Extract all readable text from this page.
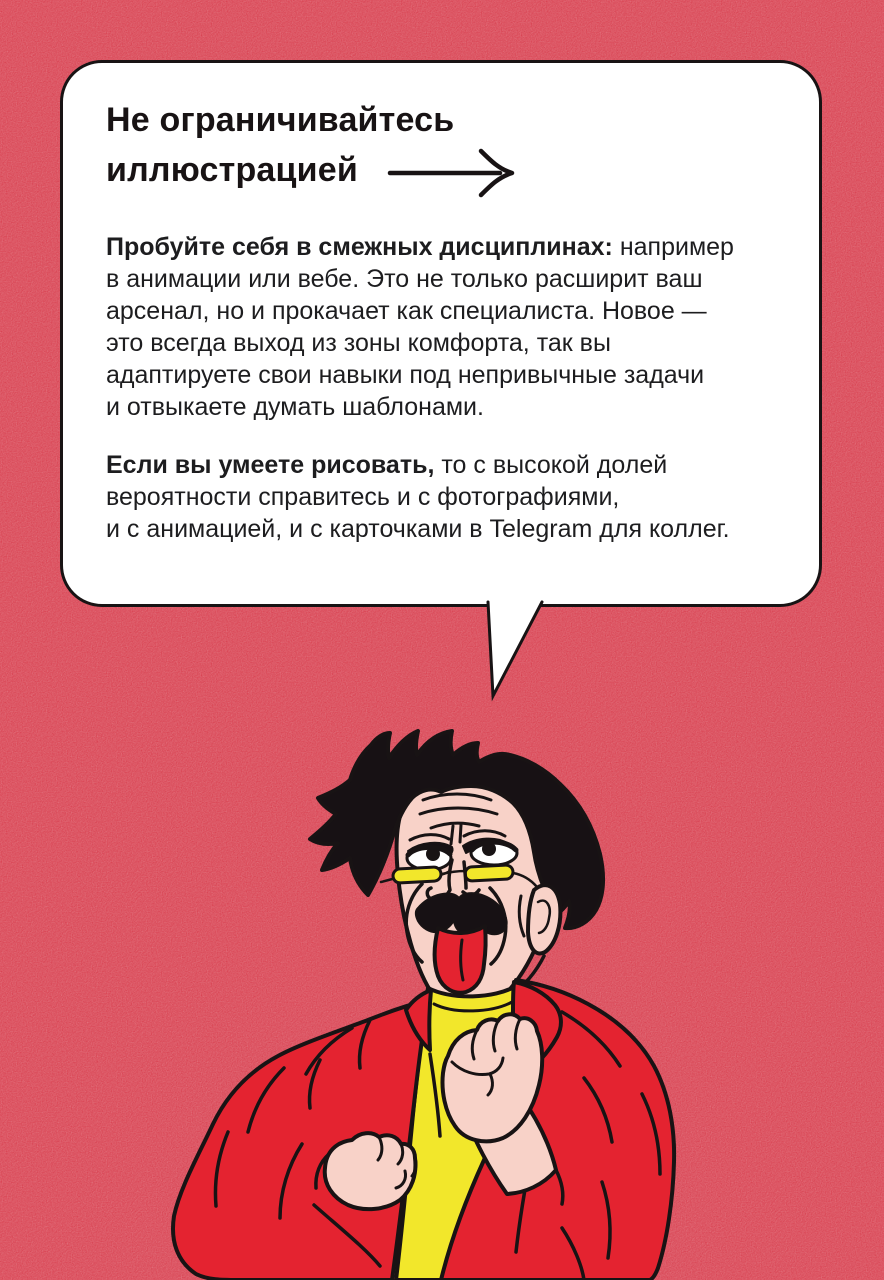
Не ограничивайтесь
иллюстрацией
Пробуйте себя в смежных дисциплинах: например
в анимации или вебе. Это не только расширит ваш
арсенал, но и прокачает как специалиста. Новое —
это всегда выход из зоны комфорта, так вы
адаптируете свои навыки под непривычные задачи
и отвыкаете думать шаблонами.
Если вы умеете рисовать, то с высокой долей
вероятности справитесь и с фотографиями,
и с анимацией, и с карточками в Telegram для коллег.
